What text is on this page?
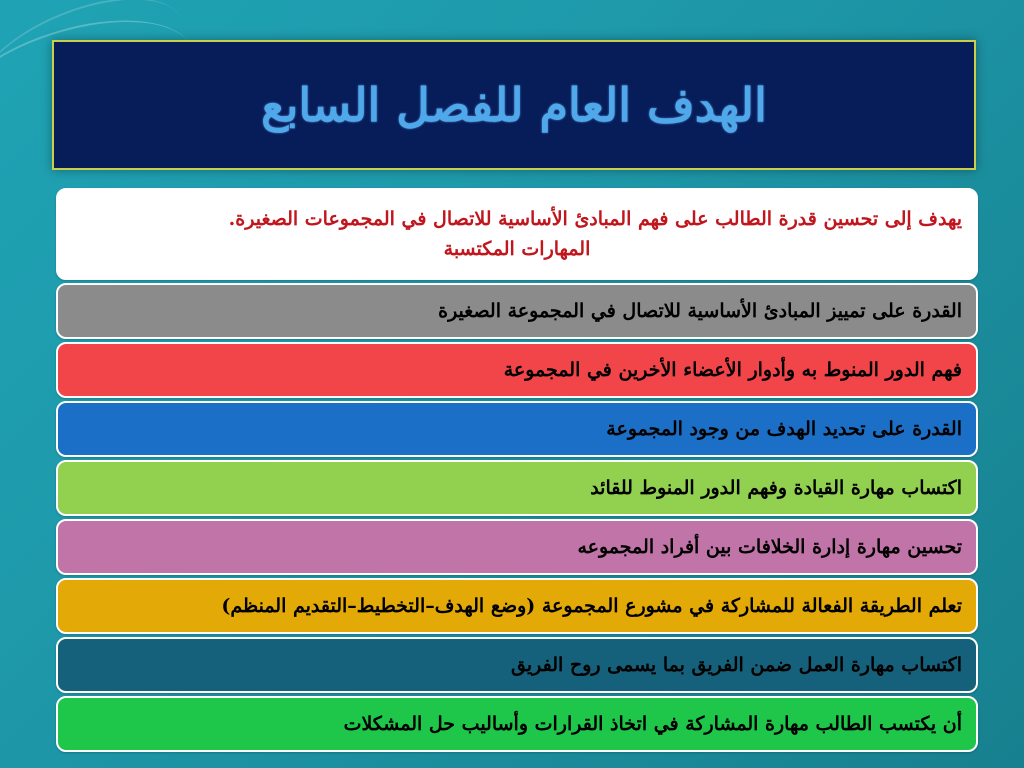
الهدف العام للفصل السابع
يهدف إلى تحسين قدرة الطالب على فهم المبادئ الأساسية للاتصال في المجموعات الصغيرة.
المهارات المكتسبة
القدرة على تمييز المبادئ الأساسية للاتصال في المجموعة الصغيرة
فهم الدور المنوط به وأدوار الأعضاء الأخرين في المجموعة
القدرة على تحديد الهدف من وجود المجموعة
اكتساب مهارة القيادة وفهم الدور المنوط للقائد
تحسين مهارة إدارة الخلافات بين أفراد المجموعه
تعلم الطريقة الفعالة للمشاركة في مشورع المجموعة (وضع الهدف–التخطيط–التقديم المنظم)
اكتساب مهارة العمل ضمن الفريق بما يسمى روح الفريق
أن يكتسب الطالب مهارة المشاركة في اتخاذ القرارات وأساليب حل المشكلات
